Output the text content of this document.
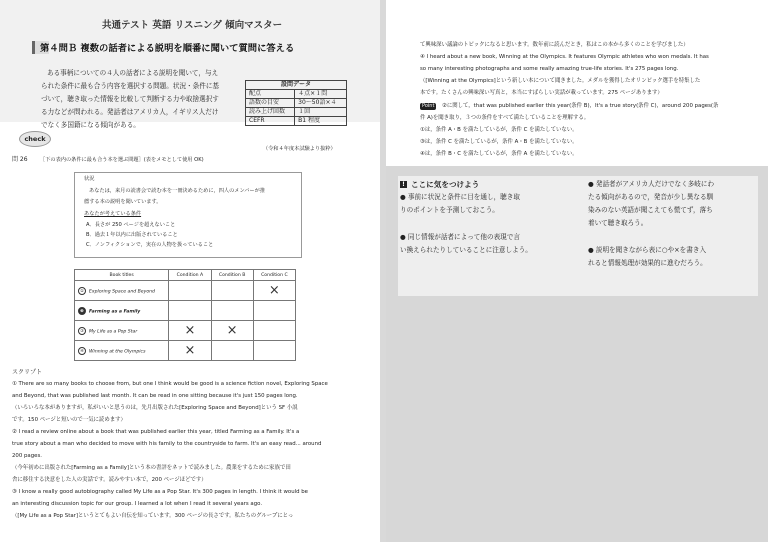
共通テスト 英語 リスニング 傾向マスター
第４問Ｂ 複数の話者による説明を順番に聞いて質問に答える
ある事柄についての４人の話者による説明を聞いて，与え
られた条件に最も合う内容を選択する問題。状況・条件に基
づいて，聴き取った情報を比較して判断する力や取捨選択す
る力などが問われる。発話者はアメリカ人，イギリス人だけ
でなく多国籍になる傾向がある。
設問データ	
配点	４点×１問
語数の目安	30〜50語×４
読み上げ回数	１回
CEFR	B1 程度
check
（令和４年度本試験より抜粋）
問 26 ［下の表内の条件に最も合う本を選ぶ問題］(表をメモとして使用 OK)
状況
あなたは，来月の読書会で読む本を一冊決めるために，四人のメンバーが推
薦する本の説明を聞いています。
あなたが考えている条件
A．長さが 250 ページを超えないこと
B．過去１年以内に出版されていること
C．ノンフィクションで，実在の人物を扱っていること
Book titles	Condition A	Condition B	Condition C
① Exploring Space and Beyond			×
❷ Farming as a Family			
③ My Life as a Pop Star	×	×	
④ Winning at the Olympics	×		
スクリプト
① There are so many books to choose from, but one I think would be good is a science fiction novel, Exploring Space
and Beyond, that was published last month. It can be read in one sitting because it's just 150 pages long.
（いろいろな本がありますが，私がいいと思うのは，先月出版された[Exploring Space and Beyond]という SF 小説
です。150 ページと短いので一気に読めます）
② I read a review online about a book that was published earlier this year, titled Farming as a Family. It's a
true story about a man who decided to move with his family to the countryside to farm. It's an easy read... around
200 pages.
（今年初めに出版された[Farming as a Family]という本の書評をネットで読みました。農業をするために家族で田
舎に移住する決意をした人の実話です。読みやすい本で，200 ページほどです）
③ I know a really good autobiography called My Life as a Pop Star. It's 300 pages in length. I think it would be
an interesting discussion topic for our group. I learned a lot when I read it several years ago.
（[My Life as a Pop Star]というとてもよい自伝を知っています。300 ページの長さです。私たちのグループにとっ
て興味深い議論のトピックになると思います。数年前に読んだとき，私はこの本から多くのことを学びました）
④ I heard about a new book, Winning at the Olympics. It features Olympic athletes who won medals. It has
so many interesting photographs and some really amazing true-life stories. It's 275 pages long.
（[Winning at the Olympics]という新しい本について聞きました。メダルを獲得したオリンピック選手を特集した
本です。たくさんの興味深い写真と，本当にすばらしい実話が載っています。275 ページあります）
Point	②に関して，that was published earlier this year(条件 B)，It's a true story(条件 C)，around 200 pages(条
件 A)を聞き取り，３つの条件をすべて満たしていることを理解する。
①は，条件 A・B を満たしているが，条件 C を満たしていない。
③は，条件 C を満たしているが，条件 A・B を満たしていない。
④は，条件 B・C を満たしているが，条件 A を満たしていない。
! ここに気をつけよう
● 事前に状況と条件に目を通し，聴き取
りのポイントを予測しておこう。
● 同じ情報が話者によって他の表現で言
い換えられたりしていることに注意しよう。
● 発話者がアメリカ人だけでなく多岐にわ
たる傾向があるので，発音が少し異なる馴
染みのない英語が聞こえても慌てず，落ち
着いて聴き取ろう。
● 説明を聞きながら表に○や×を書き入
れると情報処理が効果的に進むだろう。
